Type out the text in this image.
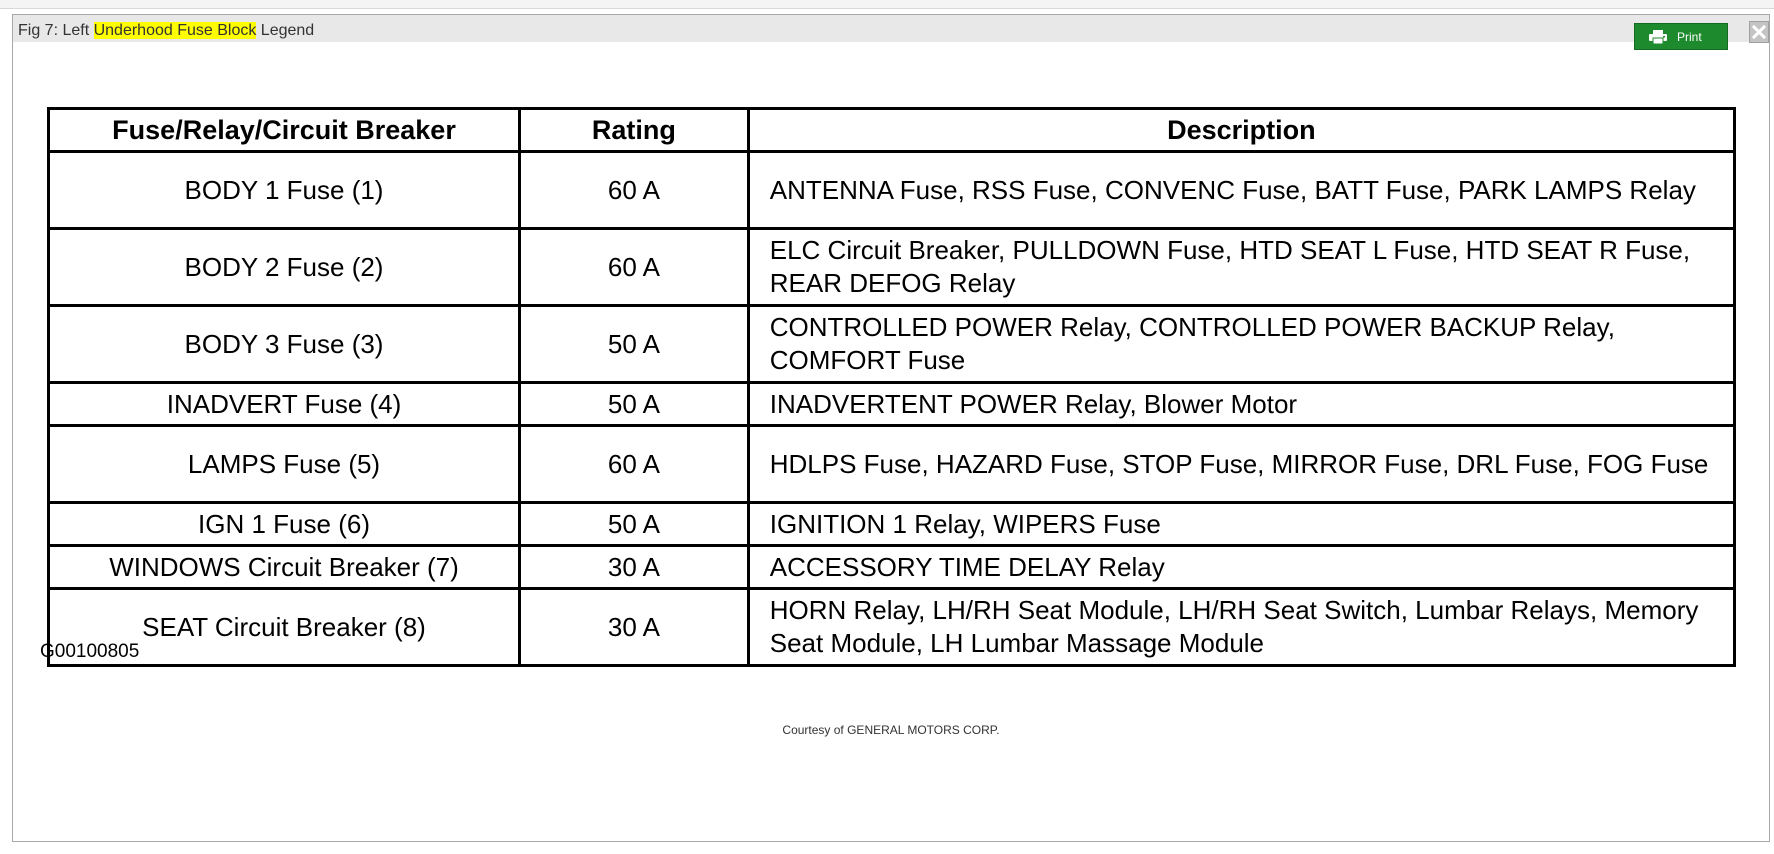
Fig 7: Left Underhood Fuse Block Legend	Print
Fuse/Relay/Circuit Breaker	Rating	Description
BODY 1 Fuse (1)	60 A	ANTENNA Fuse, RSS Fuse, CONVENC Fuse, BATT Fuse, PARK LAMPS Relay
BODY 2 Fuse (2)	60 A	ELC Circuit Breaker, PULLDOWN Fuse, HTD SEAT L Fuse, HTD SEAT R Fuse, REAR DEFOG Relay
BODY 3 Fuse (3)	50 A	CONTROLLED POWER Relay, CONTROLLED POWER BACKUP Relay, COMFORT Fuse
INADVERT Fuse (4)	50 A	INADVERTENT POWER Relay, Blower Motor
LAMPS Fuse (5)	60 A	HDLPS Fuse, HAZARD Fuse, STOP Fuse, MIRROR Fuse, DRL Fuse, FOG Fuse
IGN 1 Fuse (6)	50 A	IGNITION 1 Relay, WIPERS Fuse
WINDOWS Circuit Breaker (7)	30 A	ACCESSORY TIME DELAY Relay
SEAT Circuit Breaker (8)	30 A	HORN Relay, LH/RH Seat Module, LH/RH Seat Switch, Lumbar Relays, Memory Seat Module, LH Lumbar Massage Module
G00100805
Courtesy of GENERAL MOTORS CORP.
